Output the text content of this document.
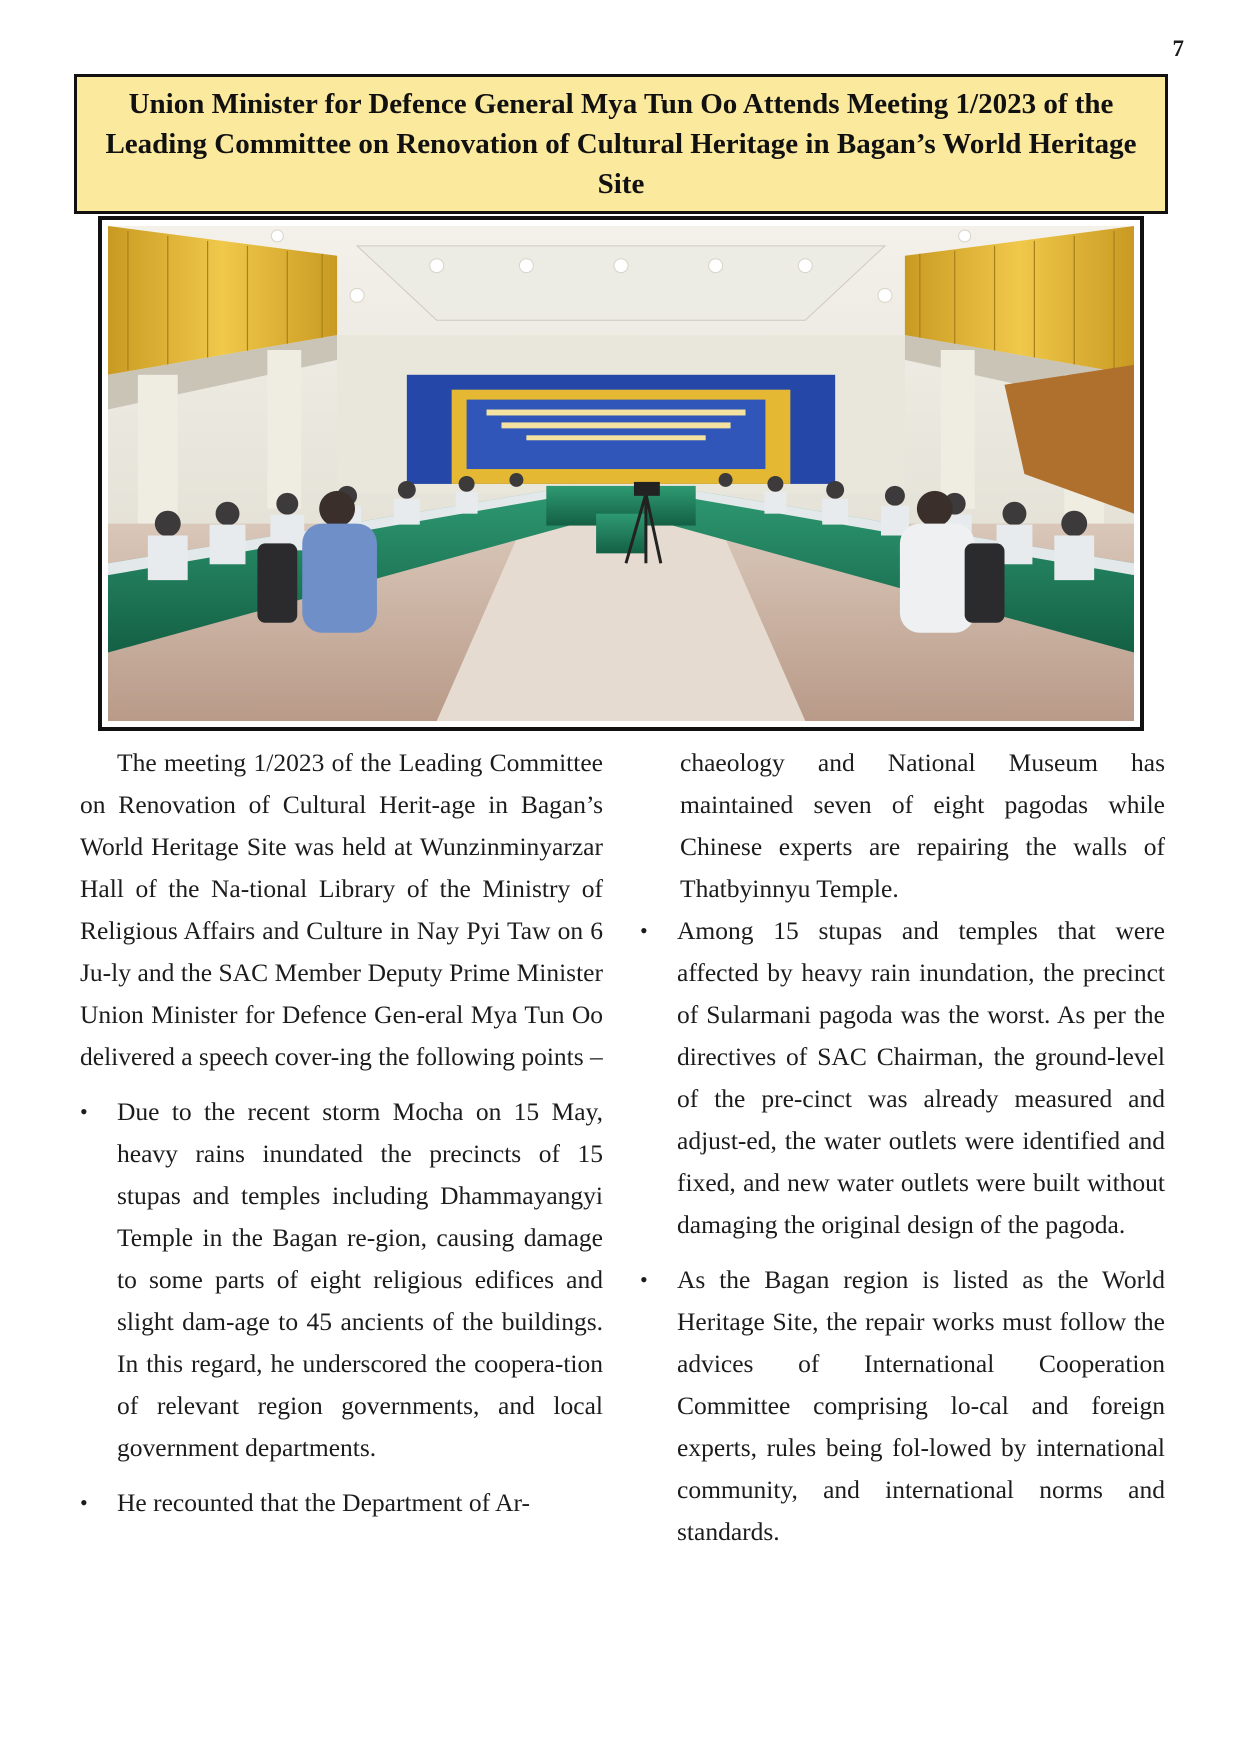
7
Union Minister for Defence General Mya Tun Oo Attends Meeting 1/2023 of the Leading Committee on Renovation of Cultural Heritage in Bagan’s World Heritage Site

The meeting 1/2023 of the Leading Committee on Renovation of Cultural Herit-age in Bagan’s World Heritage Site was held at Wunzinminyarzar Hall of the Na-tional Library of the Ministry of Religious Affairs and Culture in Nay Pyi Taw on 6 Ju-ly and the SAC Member Deputy Prime Minister Union Minister for Defence Gen-eral Mya Tun Oo delivered a speech cover-ing the following points –

• Due to the recent storm Mocha on 15 May, heavy rains inundated the precincts of 15 stupas and temples including Dhammayangyi Temple in the Bagan re-gion, causing damage to some parts of eight religious edifices and slight dam-age to 45 ancients of the buildings. In this regard, he underscored the coopera-tion of relevant region governments, and local government departments.
• He recounted that the Department of Ar-

chaeology and National Museum has maintained seven of eight pagodas while Chinese experts are repairing the walls of Thatbyinnyu Temple.

• Among 15 stupas and temples that were affected by heavy rain inundation, the precinct of Sularmani pagoda was the worst. As per the directives of SAC Chairman, the ground-level of the pre-cinct was already measured and adjust-ed, the water outlets were identified and fixed, and new water outlets were built without damaging the original design of the pagoda.
• As the Bagan region is listed as the World Heritage Site, the repair works must follow the advices of International Cooperation Committee comprising lo-cal and foreign experts, rules being fol-lowed by international community, and international norms and standards.
